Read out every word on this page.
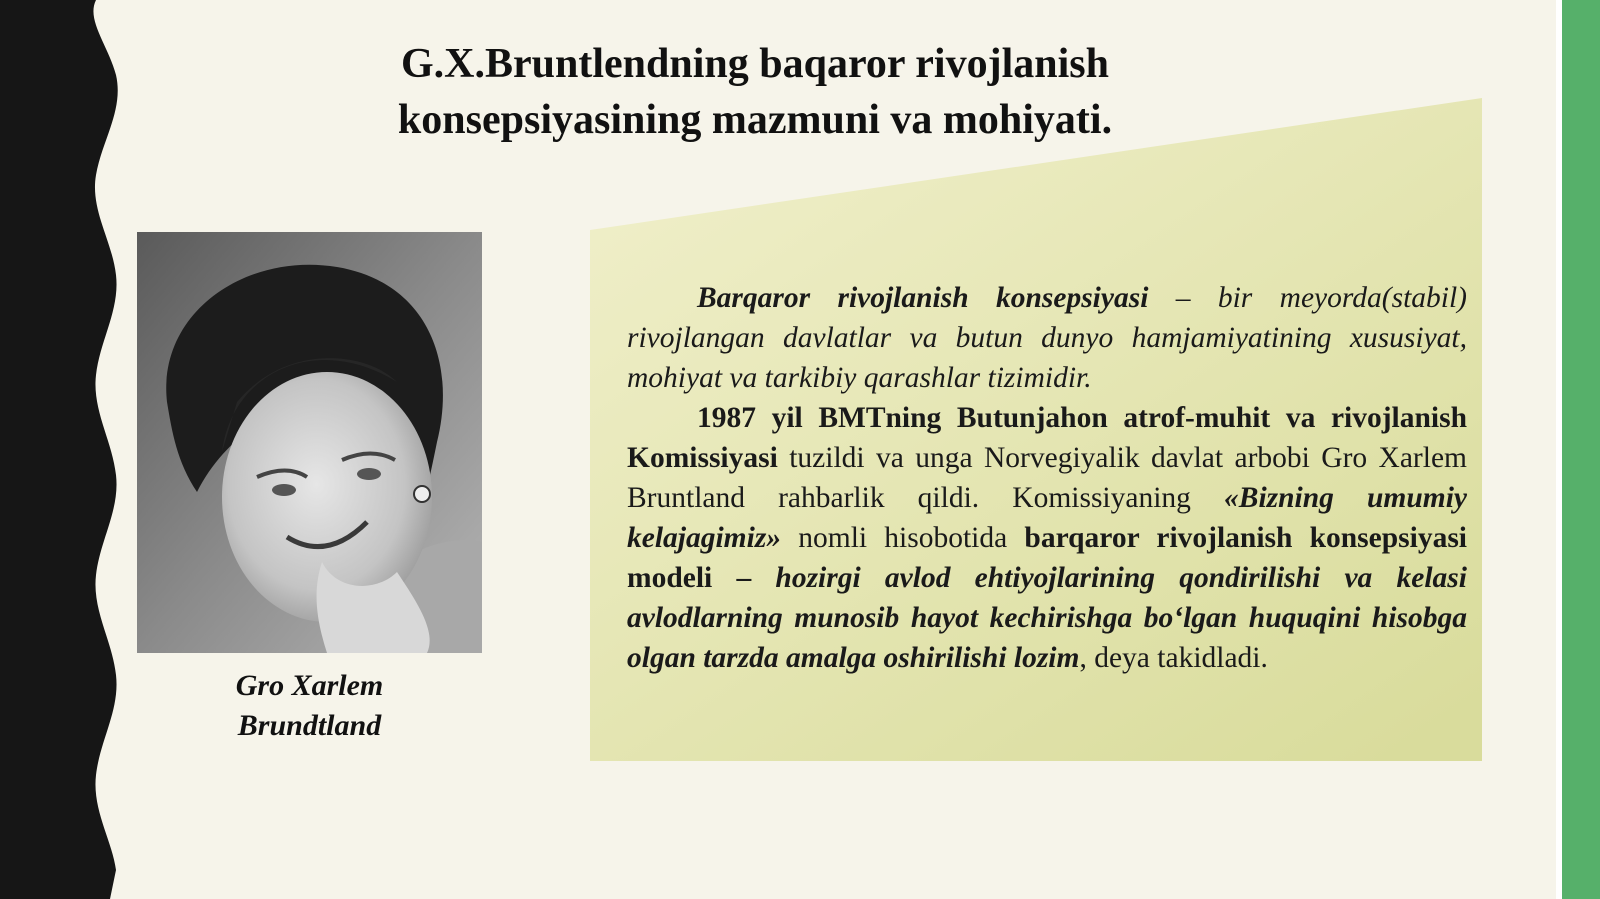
G.X.Bruntlendning baqaror rivojlanish
konsepsiyasining mazmuni va mohiyati.
Gro Xarlem
Brundtland

Barqaror rivojlanish konsepsiyasi – bir meyorda(stabil) rivojlangan davlatlar va butun dunyo hamjamiyatining xususiyat, mohiyat va tarkibiy qarashlar tizimidir.

1987 yil BMTning Butunjahon atrof-muhit va rivojlanish Komissiyasi tuzildi va unga Norvegiyalik davlat arbobi Gro Xarlem Bruntland rahbarlik qildi. Komissiyaning «Bizning umumiy kelajagimiz» nomli hisobotida barqaror rivojlanish konsepsiyasi modeli – hozirgi avlod ehtiyojlarining qondirilishi va kelasi avlodlarning munosib hayot kechirishga bo‘lgan huquqini hisobga olgan tarzda amalga oshirilishi lozim, deya takidladi.
